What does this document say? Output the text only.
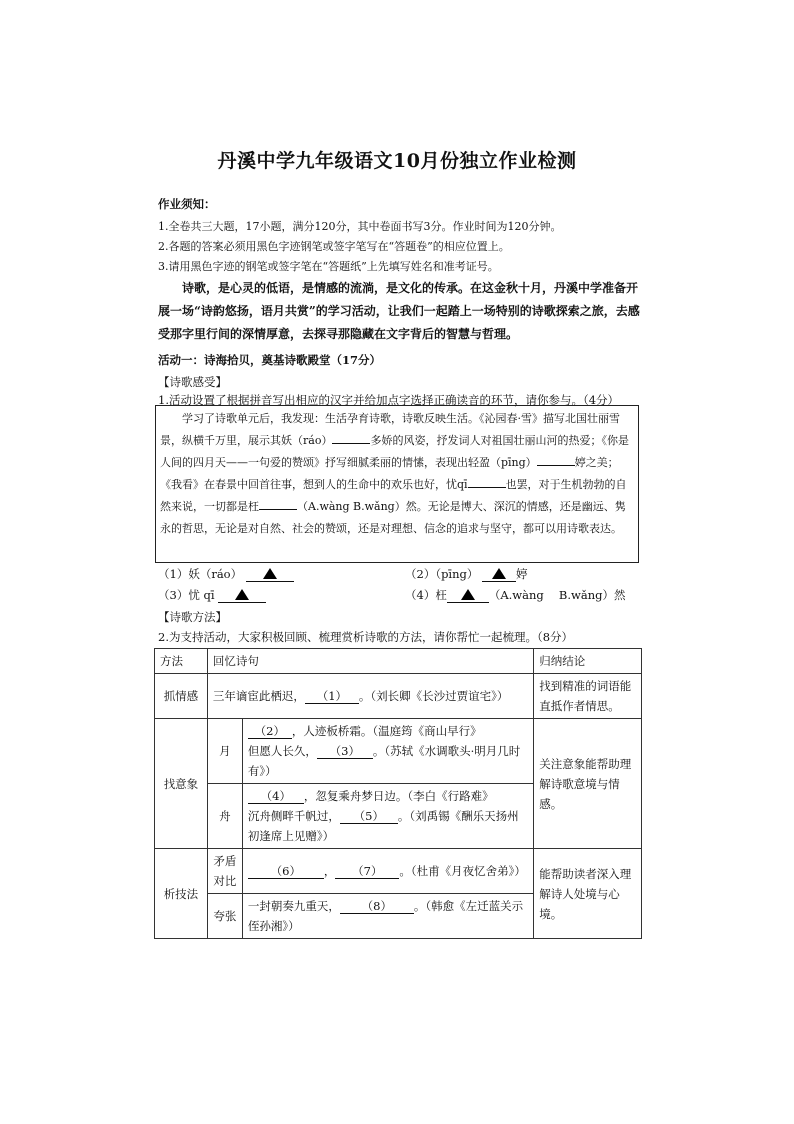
丹溪中学九年级语文10月份独立作业检测
作业须知：
1.全卷共三大题，17小题，满分120分，其中卷面书写3分。作业时间为120分钟。
2.各题的答案必须用黑色字迹钢笔或签字笔写在“答题卷”的相应位置上。
3.请用黑色字迹的钢笔或签字笔在“答题纸”上先填写姓名和准考证号。
诗歌，是心灵的低语，是情感的流淌，是文化的传承。在这金秋十月，丹溪中学准备开展一场“诗韵悠扬，语月共赏”的学习活动，让我们一起踏上一场特别的诗歌探索之旅，去感受那字里行间的深情厚意，去探寻那隐藏在文字背后的智慧与哲理。
活动一：诗海拾贝，奠基诗歌殿堂（17分）
【诗歌感受】
1.活动设置了根据拼音写出相应的汉字并给加点字选择正确读音的环节，请你参与。（4分）
学习了诗歌单元后，我发现：生活孕育诗歌，诗歌反映生活。《沁园春·雪》描写北国壮丽雪景，纵横千万里，展示其妖（ráo）	多娇的风姿，抒发词人对祖国壮丽山河的热爱；《你是人间的四月天——一句爱的赞颂》抒写细腻柔丽的情愫，表现出轻盈（pīng）	婷之美；《我看》在春景中回首往事，想到人的生命中的欢乐也好，忧qī	也罢，对于生机勃勃的自然来说，一切都是枉	（A.wàng B.wǎng）然。无论是博大、深沉的情感，还是幽远、隽永的哲思，无论是对自然、社会的赞颂，还是对理想、信念的追求与坚守，都可以用诗歌表达。
（1）妖（ráo）	（2）（pīng）	婷
（3）忧 qī	（4）枉	（A.wàng　 B.wǎng）然
【诗歌方法】
2.为支持活动，大家积极回顾、梳理赏析诗歌的方法，请你帮忙一起梳理。（8分）
方法	回忆诗句		归纳结论
抓情感	三年谪宦此栖迟， （1） 。（刘长卿《长沙过贾谊宅》）		找到精准的词语能直抵作者情思。
找意象	月	（2） ，人迹板桥霜。（温庭筠《商山早行》
但愿人长久， （3） 。（苏轼《水调歌头·明月几时有》）	关注意象能帮助理解诗歌意境与情感。
	舟	（4） ，忽复乘舟梦日边。（李白《行路难》
沉舟侧畔千帆过， （5） 。（刘禹锡《酬乐天扬州初逢席上见赠》）	
析技法	矛盾对比	（6） ， （7） 。（杜甫《月夜忆舍弟》）	能帮助读者深入理解诗人处境与心境。
	夸张	一封朝奏九重天， （8） 。（韩愈《左迁蓝关示侄孙湘》）	
